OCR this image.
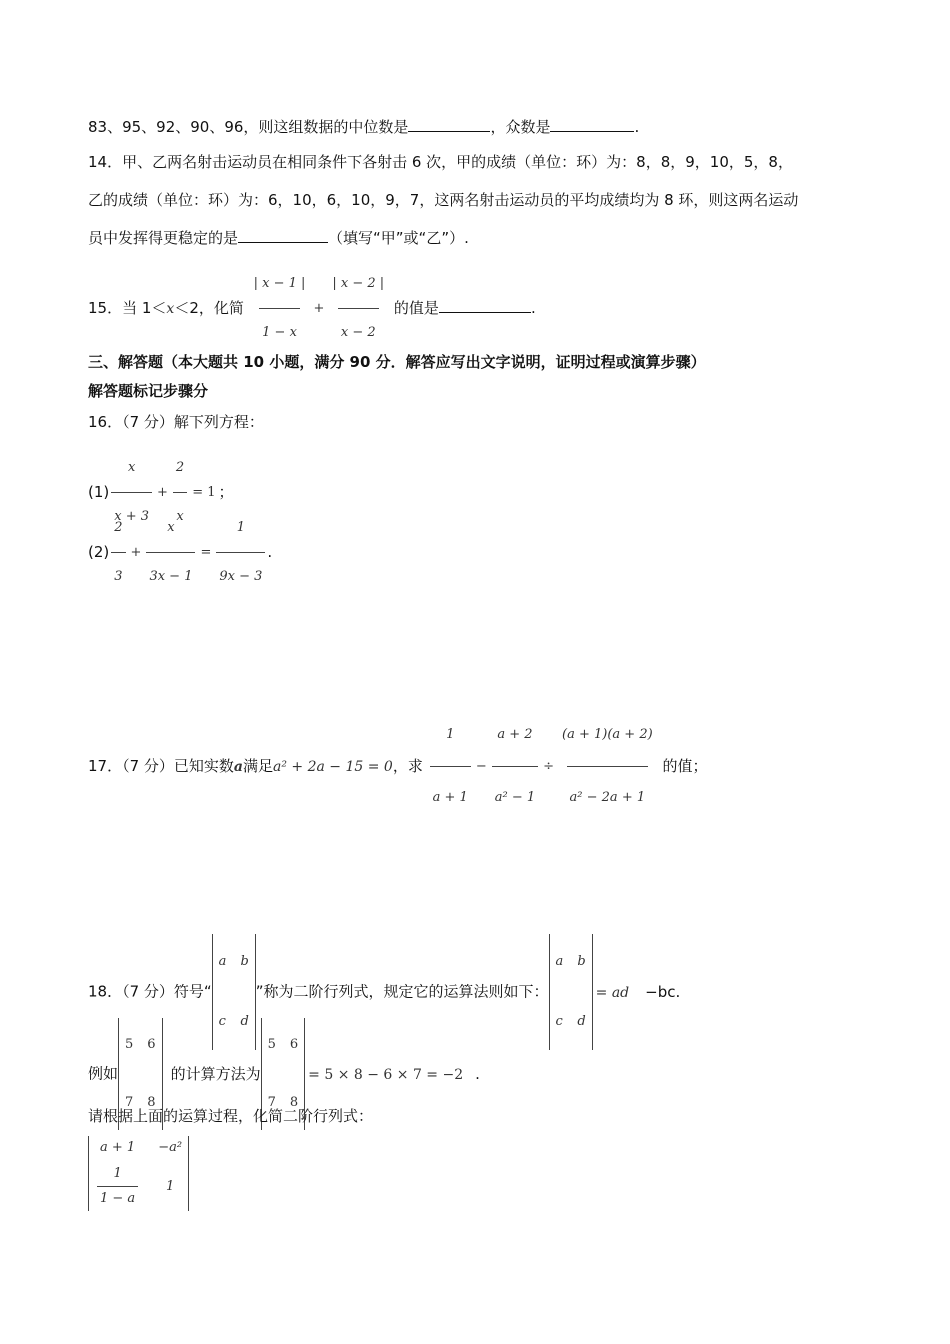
83、95、92、90、96，则这组数据的中位数是	，众数是	.
14．甲、乙两名射击运动员在相同条件下各射击 6 次，甲的成绩（单位：环）为：8，8，9，10，5，8，
乙的成绩（单位：环）为：6，10，6，10，9，7，这两名射击运动员的平均成绩均为 8 环，则这两名运动
员中发挥得更稳定的是	（填写“甲”或“乙”）.
15．当 1＜x＜2，化简 $\frac{| x - 1 |}{1 - x} + \frac{| x - 2 |}{x - 2}$ 的值是	.
三、解答题（本大题共 10 小题，满分 90 分．解答应写出文字说明，证明过程或演算步骤）
解答题标记步骤分
16．（7 分）解下列方程：
$(1) \frac{x}{x + 3} + \frac{2}{x} = 1$ ；
$(2) \frac{2}{3} + \frac{x}{3x - 1} = \frac{1}{9x - 3}$ .
17．（7 分）已知实数a满足a² + 2a − 15 = 0，求 $\frac{1}{a + 1} - \frac{a + 2}{\text{a² − 1}} \div \frac{(a + 1)(a + 2)}{\text{a² − 2a + 1}}$ 的值；
18．（7 分）符号“
a b
c d
”称为二阶行列式，规定它的运算法则如下：
a b
c d
= ad −bc.
例如
5 6
7 8
的计算方法为
5 6
7 8
= 5 × 8 − 6 × 7 = −2 .
请根据上面的运算过程，化简二阶行列式：
a + 1 −a²
$\frac{1}{1 - a} 1$
